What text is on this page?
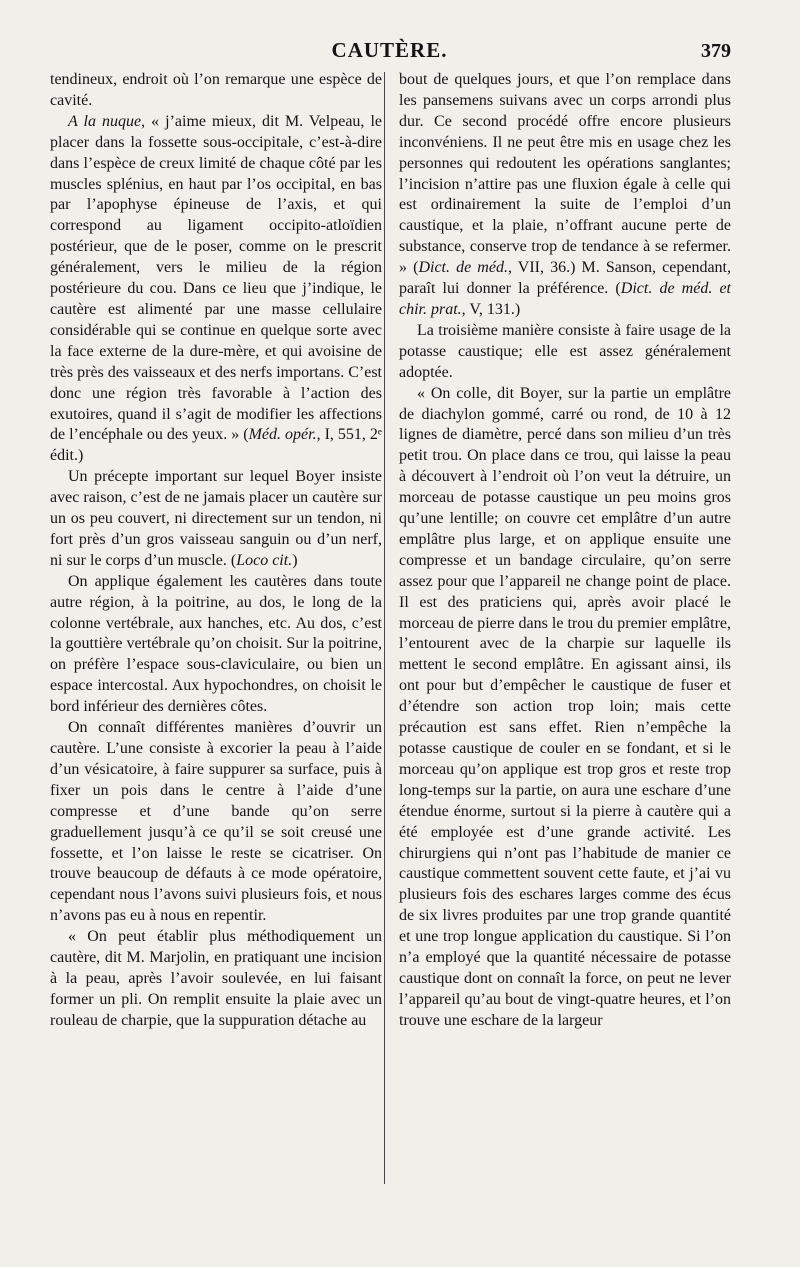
CAUTÈRE.	379

tendineux, endroit où l’on remarque une espèce de cavité.

A la nuque, « j’aime mieux, dit M. Velpeau, le placer dans la fossette sous-occipitale, c’est-à-dire dans l’espèce de creux limité de chaque côté par les muscles splénius, en haut par l’os occipital, en bas par l’apophyse épineuse de l’axis, et qui correspond au ligament occipito-atloïdien postérieur, que de le poser, comme on le prescrit généralement, vers le milieu de la région postérieure du cou. Dans ce lieu que j’indique, le cautère est alimenté par une masse cellulaire considérable qui se continue en quelque sorte avec la face externe de la dure-mère, et qui avoisine de très près des vaisseaux et des nerfs importans. C’est donc une région très favorable à l’action des exutoires, quand il s’agit de modifier les affections de l’encéphale ou des yeux. » (Méd. opér., I, 551, 2ᵉ édit.)

Un précepte important sur lequel Boyer insiste avec raison, c’est de ne jamais placer un cautère sur un os peu couvert, ni directement sur un tendon, ni fort près d’un gros vaisseau sanguin ou d’un nerf, ni sur le corps d’un muscle. (Loco cit.)

On applique également les cautères dans toute autre région, à la poitrine, au dos, le long de la colonne vertébrale, aux hanches, etc. Au dos, c’est la gouttière vertébrale qu’on choisit. Sur la poitrine, on préfère l’espace sous-claviculaire, ou bien un espace intercostal. Aux hypochondres, on choisit le bord inférieur des dernières côtes.

On connaît différentes manières d’ouvrir un cautère. L’une consiste à excorier la peau à l’aide d’un vésicatoire, à faire suppurer sa surface, puis à fixer un pois dans le centre à l’aide d’une compresse et d’une bande qu’on serre graduellement jusqu’à ce qu’il se soit creusé une fossette, et l’on laisse le reste se cicatriser. On trouve beaucoup de défauts à ce mode opératoire, cependant nous l’avons suivi plusieurs fois, et nous n’avons pas eu à nous en repentir.

« On peut établir plus méthodiquement un cautère, dit M. Marjolin, en pratiquant une incision à la peau, après l’avoir soulevée, en lui faisant former un pli. On remplit ensuite la plaie avec un rouleau de charpie, que la suppuration détache au

bout de quelques jours, et que l’on remplace dans les pansemens suivans avec un corps arrondi plus dur. Ce second procédé offre encore plusieurs inconvéniens. Il ne peut être mis en usage chez les personnes qui redoutent les opérations sanglantes; l’incision n’attire pas une fluxion égale à celle qui est ordinairement la suite de l’emploi d’un caustique, et la plaie, n’offrant aucune perte de substance, conserve trop de tendance à se refermer. » (Dict. de méd., VII, 36.) M. Sanson, cependant, paraît lui donner la préférence. (Dict. de méd. et chir. prat., V, 131.)

La troisième manière consiste à faire usage de la potasse caustique; elle est assez généralement adoptée.

« On colle, dit Boyer, sur la partie un emplâtre de diachylon gommé, carré ou rond, de 10 à 12 lignes de diamètre, percé dans son milieu d’un très petit trou. On place dans ce trou, qui laisse la peau à découvert à l’endroit où l’on veut la détruire, un morceau de potasse caustique un peu moins gros qu’une lentille; on couvre cet emplâtre d’un autre emplâtre plus large, et on applique ensuite une compresse et un bandage circulaire, qu’on serre assez pour que l’appareil ne change point de place. Il est des praticiens qui, après avoir placé le morceau de pierre dans le trou du premier emplâtre, l’entourent avec de la charpie sur laquelle ils mettent le second emplâtre. En agissant ainsi, ils ont pour but d’empêcher le caustique de fuser et d’étendre son action trop loin; mais cette précaution est sans effet. Rien n’empêche la potasse caustique de couler en se fondant, et si le morceau qu’on applique est trop gros et reste trop long-temps sur la partie, on aura une eschare d’une étendue énorme, surtout si la pierre à cautère qui a été employée est d’une grande activité. Les chirurgiens qui n’ont pas l’habitude de manier ce caustique commettent souvent cette faute, et j’ai vu plusieurs fois des eschares larges comme des écus de six livres produites par une trop grande quantité et une trop longue application du caustique. Si l’on n’a employé que la quantité nécessaire de potasse caustique dont on connaît la force, on peut ne lever l’appareil qu’au bout de vingt-quatre heures, et l’on trouve une eschare de la largeur
